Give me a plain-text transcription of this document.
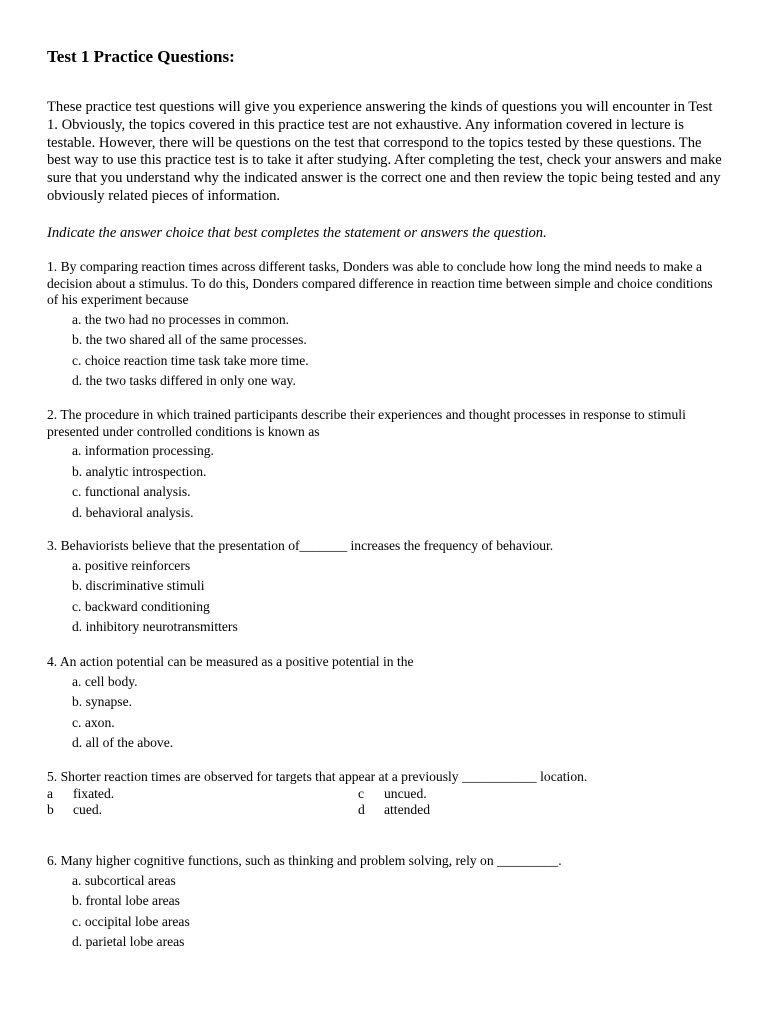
Test 1 Practice Questions:

These practice test questions will give you experience answering the kinds of questions you will encounter in Test 1. Obviously, the topics covered in this practice test are not exhaustive. Any information covered in lecture is testable. However, there will be questions on the test that correspond to the topics tested by these questions. The best way to use this practice test is to take it after studying. After completing the test, check your answers and make sure that you understand why the indicated answer is the correct one and then review the topic being tested and any obviously related pieces of information.

Indicate the answer choice that best completes the statement or answers the question.

1. By comparing reaction times across different tasks, Donders was able to conclude how long the mind needs to make a decision about a stimulus. To do this, Donders compared difference in reaction time between simple and choice conditions of his experiment because

a. the two had no processes in common.
b. the two shared all of the same processes.
c. choice reaction time task take more time.
d. the two tasks differed in only one way.

2. The procedure in which trained participants describe their experiences and thought processes in response to stimuli presented under controlled conditions is known as

a. information processing.
b. analytic introspection.
c. functional analysis.
d. behavioral analysis.

3. Behaviorists believe that the presentation of_______ increases the frequency of behaviour.

a. positive reinforcers
b. discriminative stimuli
c. backward conditioning
d. inhibitory neurotransmitters

4. An action potential can be measured as a positive potential in the

a. cell body.
b. synapse.
c. axon.
d. all of the above.

5. Shorter reaction times are observed for targets that appear at a previously ___________ location.

a	fixated.	c	uncued.
b	cued.	d	attended

6. Many higher cognitive functions, such as thinking and problem solving, rely on _________.

a. subcortical areas
b. frontal lobe areas
c. occipital lobe areas
d. parietal lobe areas
